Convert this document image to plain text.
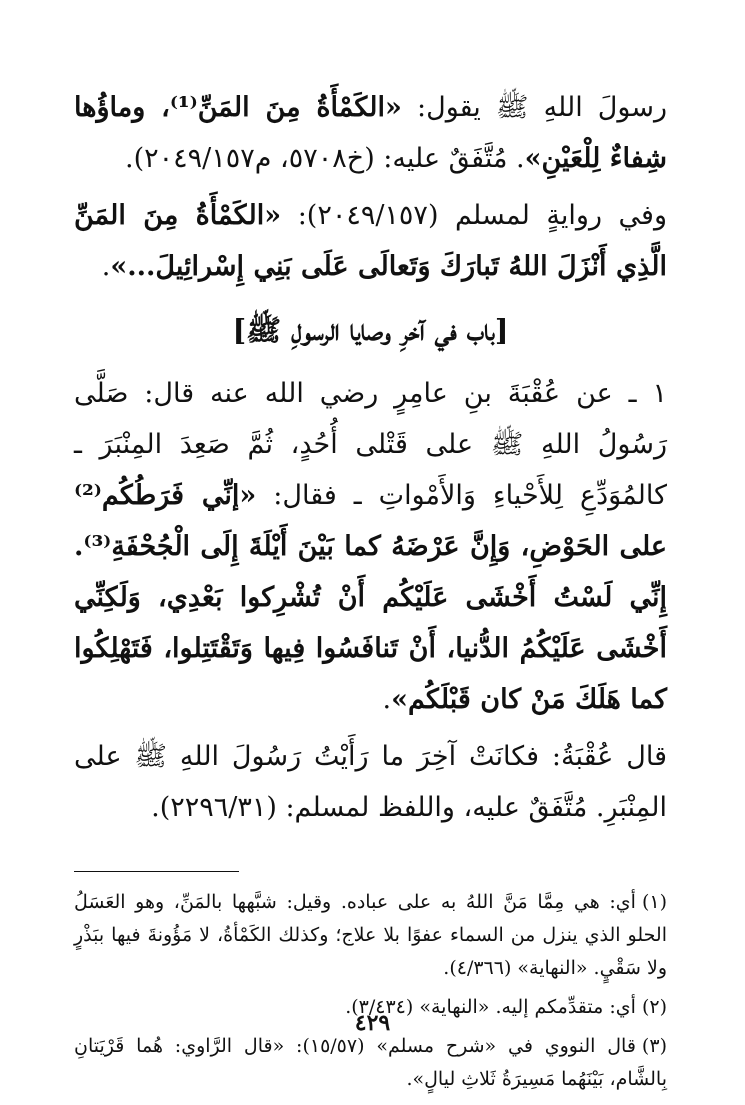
رسولَ اللهِ ﷺ يقول: «الكَمْأَةُ مِنَ المَنِّ⁽¹⁾، وماؤُها شِفاءٌ لِلْعَيْنِ». مُتَّفَقٌ عليه: (خ٥٧٠٨، م٢٠٤٩/١٥٧).

وفي روايةٍ لمسلم (٢٠٤٩/١٥٧): «الكَمْأَةُ مِنَ المَنِّ الَّذِي أَنْزَلَ اللهُ تَبارَكَ وَتَعالَى عَلَى بَنِي إِسْرائِيلَ...».

[باب في آخرِ وصايا الرسولِ ﷺ]

١ ـ عن عُقْبَةَ بنِ عامِرٍ رضي الله عنه قال: صَلَّى رَسُولُ اللهِ ﷺ على قَتْلى أُحُدٍ، ثُمَّ صَعِدَ المِنْبَرَ ـ كالمُوَدِّعِ لِلأَحْياءِ وَالأَمْواتِ ـ فقال: «إنِّي فَرَطُكُم⁽²⁾ على الحَوْضِ، وَإِنَّ عَرْضَهُ كما بَيْنَ أَيْلَةَ إِلَى الْجُحْفَةِ⁽³⁾. إِنِّي لَسْتُ أَخْشَى عَلَيْكُم أَنْ تُشْرِكوا بَعْدِي، وَلَكِنِّي أَخْشَى عَلَيْكُمُ الدُّنيا، أَنْ تَنافَسُوا فِيها وَتَقْتَتِلوا، فَتَهْلِكُوا كما هَلَكَ مَنْ كان قَبْلَكُم».

قال عُقْبَةُ: فكانَتْ آخِرَ ما رَأَيْتُ رَسُولَ اللهِ ﷺ على المِنْبَرِ. مُتَّفَقٌ عليه، واللفظ لمسلم: (٢٢٩٦/٣١).

(١)أي: هي مِمَّا مَنَّ اللهُ به على عباده. وقيل: شبَّهها بالمَنِّ، وهو العَسَلُ الحلو الذي ينزل من السماء عفوًا بلا علاج؛ وكذلك الكَمْأةُ، لا مَؤُونةَ فيها ببَذْرٍ ولا سَقْيٍ. «النهاية» (٤/٣٦٦).

(٢)أي: متقدِّمكم إليه. «النهاية» (٣/٤٣٤).

(٣)قال النووي في «شرح مسلم» (١٥/٥٧): «قال الرَّاوي: هُما قَرْيَتانِ بِالشَّام، بَيْنَهُما مَسِيرَةُ ثَلاثِ ليالٍ».

٤٢٩
